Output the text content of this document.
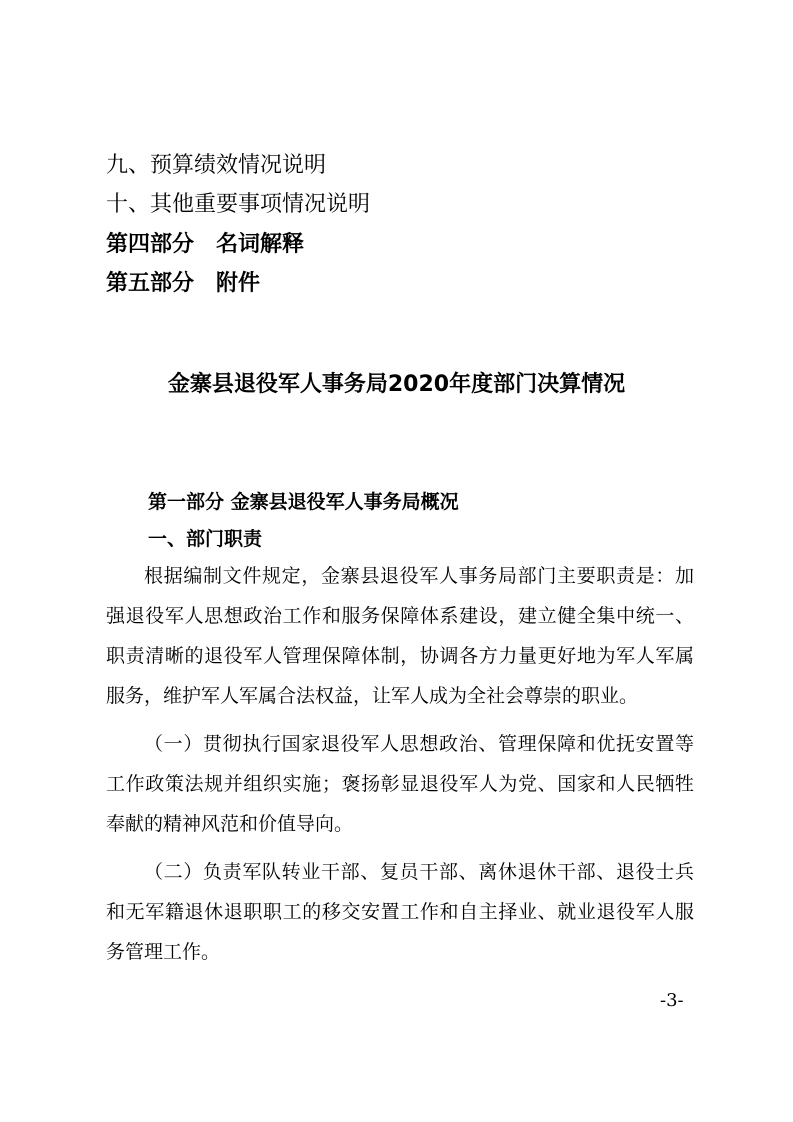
九、预算绩效情况说明
十、其他重要事项情况说明
第四部分　名词解释
第五部分　附件
金寨县退役军人事务局2020年度部门决算情况
第一部分 金寨县退役军人事务局概况
一、部门职责

根据编制文件规定，金寨县退役军人事务局部门主要职责是：加强退役军人思想政治工作和服务保障体系建设，建立健全集中统一、职责清晰的退役军人管理保障体制，协调各方力量更好地为军人军属服务，维护军人军属合法权益，让军人成为全社会尊崇的职业。

（一）贯彻执行国家退役军人思想政治、管理保障和优抚安置等工作政策法规并组织实施；褒扬彰显退役军人为党、国家和人民牺牲奉献的精神风范和价值导向。

（二）负责军队转业干部、复员干部、离休退休干部、退役士兵和无军籍退休退职职工的移交安置工作和自主择业、就业退役军人服务管理工作。

-3-
